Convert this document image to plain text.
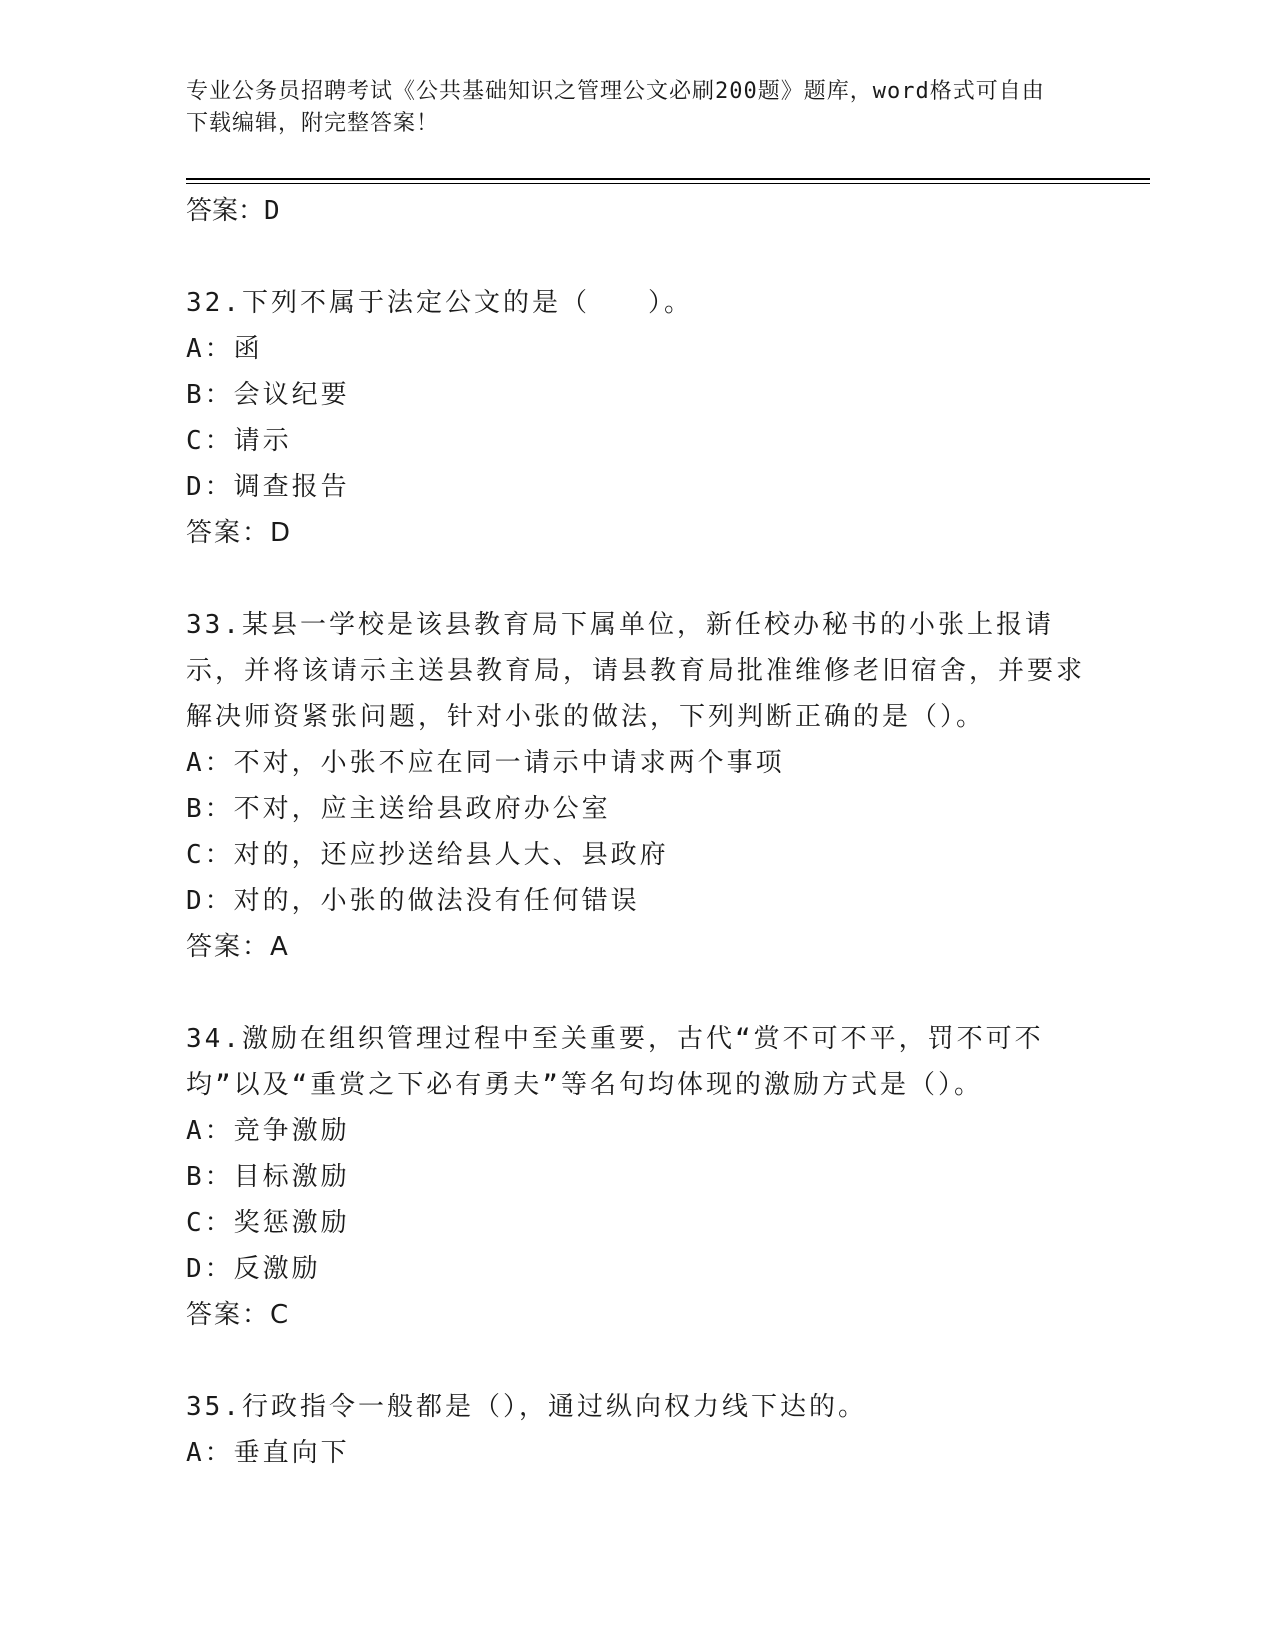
专业公务员招聘考试《公共基础知识之管理公文必刷200题》题库，word格式可自由下载编辑，附完整答案！
答案：D
32.下列不属于法定公文的是（　　）。
A：函
B：会议纪要
C：请示
D：调查报告
答案：D
33.某县一学校是该县教育局下属单位，新任校办秘书的小张上报请示，并将该请示主送县教育局，请县教育局批准维修老旧宿舍，并要求解决师资紧张问题，针对小张的做法，下列判断正确的是（）。
A：不对，小张不应在同一请示中请求两个事项
B：不对，应主送给县政府办公室
C：对的，还应抄送给县人大、县政府
D：对的，小张的做法没有任何错误
答案：A
34.激励在组织管理过程中至关重要，古代“赏不可不平，罚不可不均”以及“重赏之下必有勇夫”等名句均体现的激励方式是（）。
A：竞争激励
B：目标激励
C：奖惩激励
D：反激励
答案：C
35.行政指令一般都是（），通过纵向权力线下达的。
A：垂直向下
